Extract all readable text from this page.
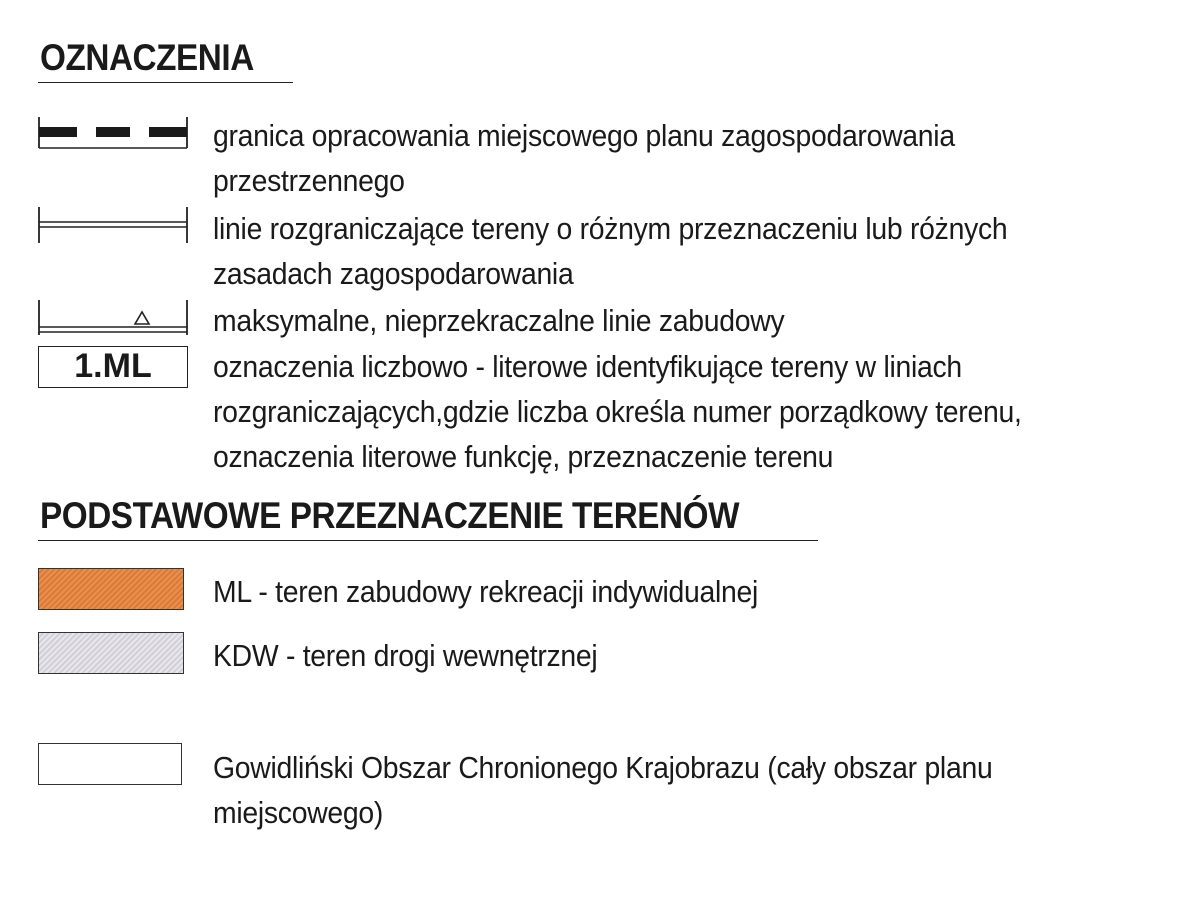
OZNACZENIA

granica opracowania miejscowego planu zagospodarowania
przestrzennego

linie rozgraniczające tereny o różnym przeznaczeniu lub różnych
zasadach zagospodarowania

maksymalne, nieprzekraczalne linie zabudowy

1.ML	oznaczenia liczbowo - literowe identyfikujące tereny w liniach
rozgraniczających,gdzie liczba określa numer porządkowy terenu,
oznaczenia literowe funkcję, przeznaczenie terenu

PODSTAWOWE PRZEZNACZENIE TERENÓW

ML - teren zabudowy rekreacji indywidualnej

KDW - teren drogi wewnętrznej

Gowidliński Obszar Chronionego Krajobrazu (cały obszar planu
miejscowego)
